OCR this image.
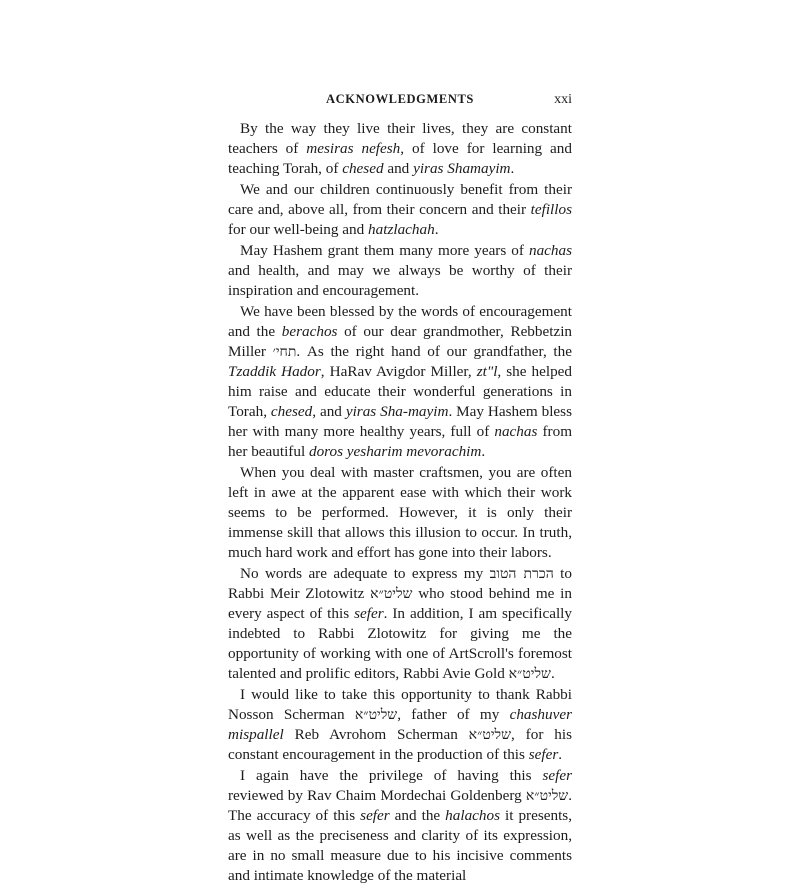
ACKNOWLEDGMENTS	xxi

By the way they live their lives, they are constant teachers of mesiras nefesh, of love for learning and teaching Torah, of chesed and yiras Shamayim.

We and our children continuously benefit from their care and, above all, from their concern and their tefillos for our well-being and hatzlachah.

May Hashem grant them many more years of nachas and health, and may we always be worthy of their inspiration and encouragement.

We have been blessed by the words of encouragement and the berachos of our dear grandmother, Rebbetzin Miller תחי׳. As the right hand of our grandfather, the Tzaddik Hador, HaRav Avigdor Miller, zt"l, she helped him raise and educate their wonderful generations in Torah, chesed, and yiras Sha-mayim. May Hashem bless her with many more healthy years, full of nachas from her beautiful doros yesharim mevorachim.

When you deal with master craftsmen, you are often left in awe at the apparent ease with which their work seems to be performed. However, it is only their immense skill that allows this illusion to occur. In truth, much hard work and effort has gone into their labors.

No words are adequate to express my הכרת הטוב to Rabbi Meir Zlotowitz שליט״א who stood behind me in every aspect of this sefer. In addition, I am specifically indebted to Rabbi Zlotowitz for giving me the opportunity of working with one of ArtScroll's foremost talented and prolific editors, Rabbi Avie Gold שליט״א.

I would like to take this opportunity to thank Rabbi Nosson Scherman שליט״א, father of my chashuver mispallel Reb Avrohom Scherman שליט״א, for his constant encouragement in the production of this sefer.

I again have the privilege of having this sefer reviewed by Rav Chaim Mordechai Goldenberg שליט״א. The accuracy of this sefer and the halachos it presents, as well as the preciseness and clarity of its expression, are in no small measure due to his incisive comments and intimate knowledge of the material
